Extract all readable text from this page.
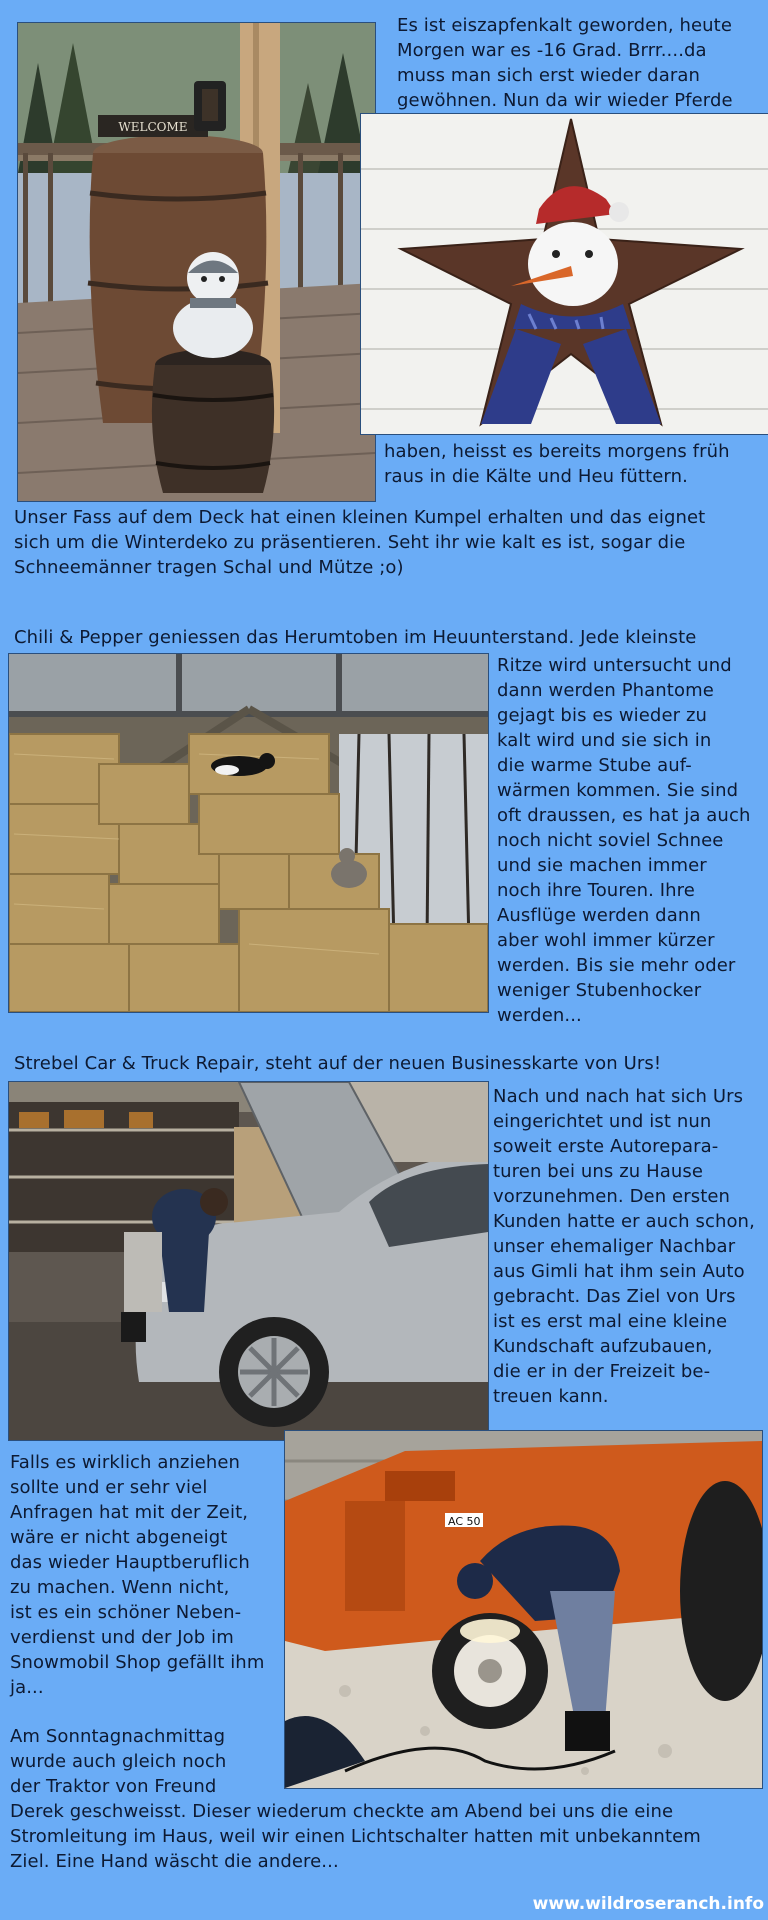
WELCOME
Es ist eiszapfenkalt geworden, heute
Morgen war es -16 Grad. Brrr....da
muss man sich erst wieder daran
gewöhnen. Nun da wir wieder Pferde
haben, heisst es bereits morgens früh
raus in die Kälte und Heu füttern.
Unser Fass auf dem Deck hat einen kleinen Kumpel erhalten und das eignet
sich um die Winterdeko zu präsentieren. Seht ihr wie kalt es ist, sogar die
Schneemänner tragen Schal und Mütze ;o)
Chili & Pepper geniessen das Herumtoben im Heuunterstand. Jede kleinste
Ritze wird untersucht und
dann werden Phantome
gejagt bis es wieder zu
kalt wird und sie sich in
die warme Stube auf-
wärmen kommen. Sie sind
oft draussen, es hat ja auch
noch nicht soviel Schnee
und sie machen immer
noch ihre Touren. Ihre
Ausflüge werden dann
aber wohl immer kürzer
werden. Bis sie mehr oder
weniger Stubenhocker
werden...
Strebel Car & Truck Repair, steht auf der neuen Businesskarte von Urs!
Nach und nach hat sich Urs
eingerichtet und ist nun
soweit erste Autorepara-
turen bei uns zu Hause
vorzunehmen. Den ersten
Kunden hatte er auch schon,
unser ehemaliger Nachbar
aus Gimli hat ihm sein Auto
gebracht. Das Ziel von Urs
ist es erst mal eine kleine
Kundschaft aufzubauen,
die er in der Freizeit be-
treuen kann.
AC 50
Falls es wirklich anziehen
sollte und er sehr viel
Anfragen hat mit der Zeit,
wäre er nicht abgeneigt
das wieder Hauptberuflich
zu machen. Wenn nicht,
ist es ein schöner Neben-
verdienst und der Job im
Snowmobil Shop gefällt ihm
ja...
Am Sonntagnachmittag
wurde auch gleich noch
der Traktor von Freund
Derek geschweisst. Dieser wiederum checkte am Abend bei uns die eine
Stromleitung im Haus, weil wir einen Lichtschalter hatten mit unbekanntem
Ziel. Eine Hand wäscht die andere...
www.wildroseranch.info
